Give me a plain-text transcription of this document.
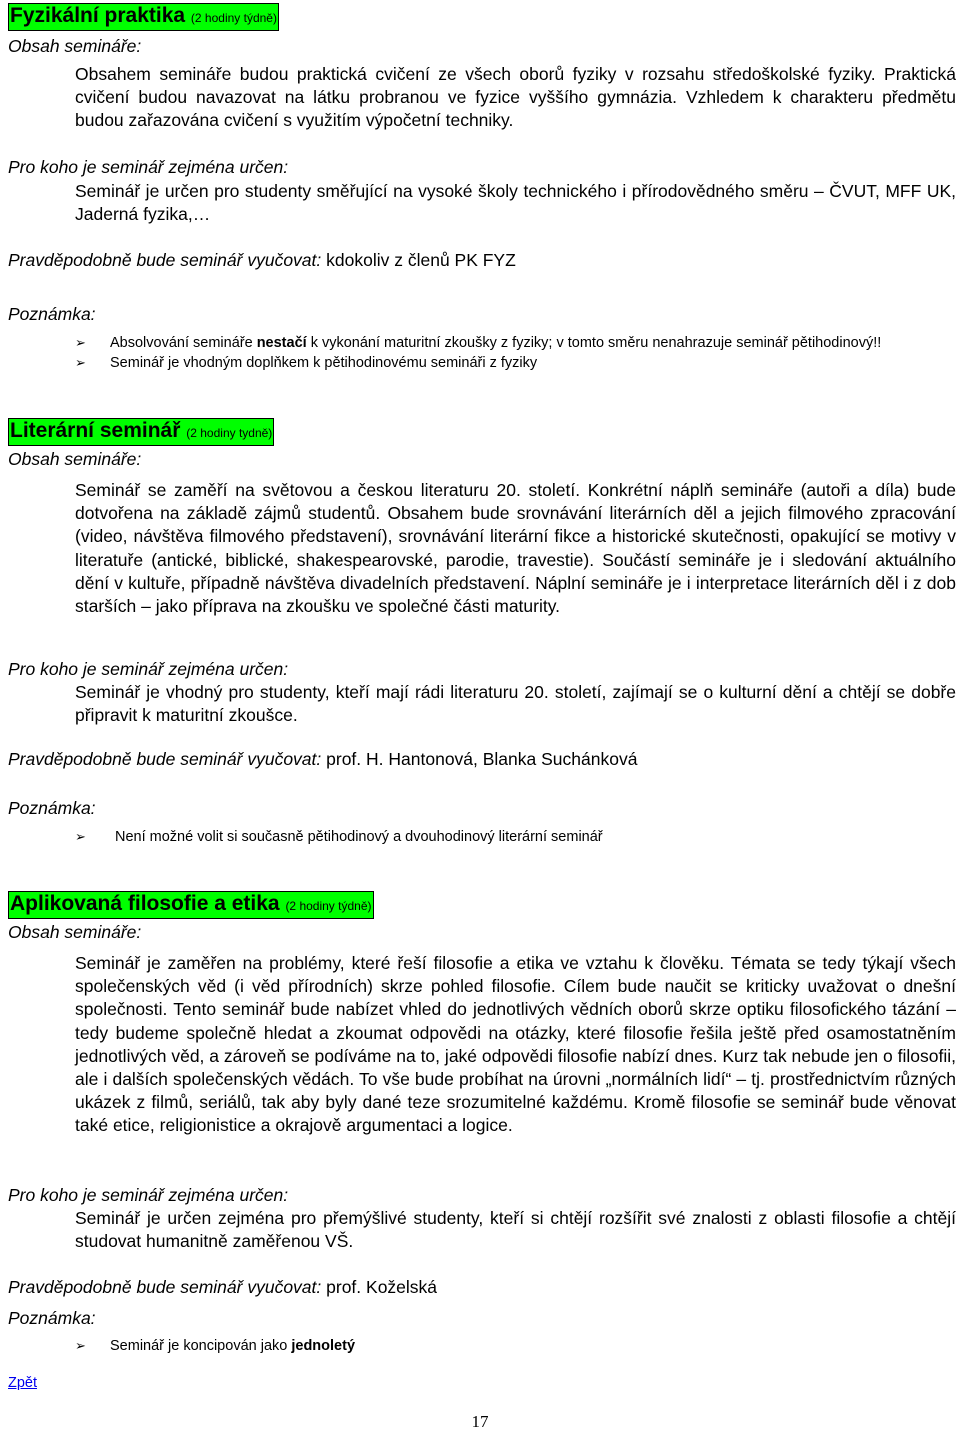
Fyzikální praktika (2 hodiny týdně)
Obsah semináře:
Obsahem semináře budou praktická cvičení ze všech oborů fyziky v rozsahu středoškolské fyziky. Praktická cvičení budou navazovat na látku probranou ve fyzice vyššího gymnázia. Vzhledem k charakteru předmětu budou zařazována cvičení s využitím výpočetní techniky.
Pro koho je seminář zejména určen:
Seminář je určen pro studenty směřující na vysoké školy technického i přírodovědného směru – ČVUT, MFF UK, Jaderná fyzika,…
Pravděpodobně bude seminář vyučovat: kdokoliv z členů PK FYZ
Poznámka:
➢ Absolvování semináře nestačí k vykonání maturitní zkoušky z fyziky; v tomto směru nenahrazuje seminář pětihodinový!!
➢ Seminář je vhodným doplňkem k pětihodinovému semináři z fyziky
Literární seminář (2 hodiny tydně)
Obsah semináře:
Seminář se zaměří na světovou a českou literaturu 20. století. Konkrétní náplň semináře (autoři a díla) bude dotvořena na základě zájmů studentů. Obsahem bude srovnávání literárních děl a jejich filmového zpracování (video, návštěva filmového představení), srovnávání literární fikce a historické skutečnosti, opakující se motivy v literatuře (antické, biblické, shakespearovské, parodie, travestie). Součástí semináře je i sledování aktuálního dění v kultuře, případně návštěva divadelních představení. Náplní semináře je i interpretace literárních děl i z dob starších – jako příprava na zkoušku ve společné části maturity.
Pro koho je seminář zejména určen:
Seminář je vhodný pro studenty, kteří mají rádi literaturu 20. století, zajímají se o kulturní dění a chtějí se dobře připravit k maturitní zkoušce.
Pravděpodobně bude seminář vyučovat: prof. H. Hantonová, Blanka Suchánková
Poznámka:
➢ Není možné volit si současně pětihodinový a dvouhodinový literární seminář
Aplikovaná filosofie a etika (2 hodiny týdně)
Obsah semináře:
Seminář je zaměřen na problémy, které řeší filosofie a etika ve vztahu k člověku. Témata se tedy týkají všech společenských věd (i věd přírodních) skrze pohled filosofie. Cílem bude naučit se kriticky uvažovat o dnešní společnosti. Tento seminář bude nabízet vhled do jednotlivých vědních oborů skrze optiku filosofického tázání – tedy budeme společně hledat a zkoumat odpovědi na otázky, které filosofie řešila ještě před osamostatněním jednotlivých věd, a zároveň se podíváme na to, jaké odpovědi filosofie nabízí dnes. Kurz tak nebude jen o filosofii, ale i dalších společenských vědách. To vše bude probíhat na úrovni „normálních lidí“ – tj. prostřednictvím různých ukázek z filmů, seriálů, tak aby byly dané teze srozumitelné každému. Kromě filosofie se seminář bude věnovat také etice, religionistice a okrajově argumentaci a logice.
Pro koho je seminář zejména určen:
Seminář je určen zejména pro přemýšlivé studenty, kteří si chtějí rozšířit své znalosti z oblasti filosofie a chtějí studovat humanitně zaměřenou VŠ.
Pravděpodobně bude seminář vyučovat: prof. Koželská
Poznámka:
➢ Seminář je koncipován jako jednoletý
Zpět
17
